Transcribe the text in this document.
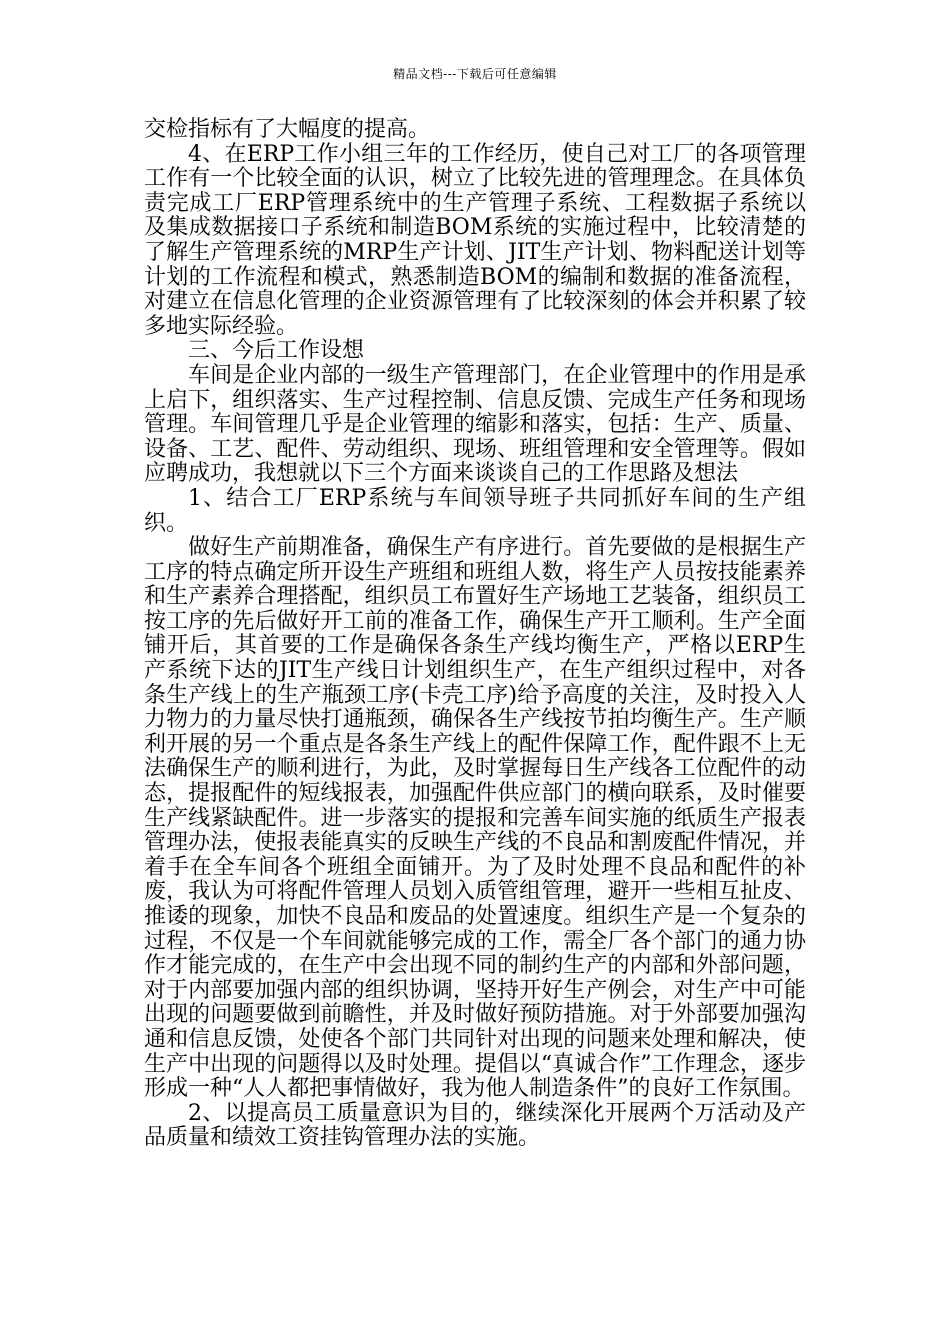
精品文档---下载后可任意编辑

交检指标有了大幅度的提高。

4、在ERP工作小组三年的工作经历，使自己对工厂的各项管理工作有一个比较全面的认识，树立了比较先进的管理理念。在具体负责完成工厂ERP管理系统中的生产管理子系统、工程数据子系统以及集成数据接口子系统和制造BOM系统的实施过程中，比较清楚的了解生产管理系统的MRP生产计划、JIT生产计划、物料配送计划等计划的工作流程和模式，熟悉制造BOM的编制和数据的准备流程，对建立在信息化管理的企业资源管理有了比较深刻的体会并积累了较多地实际经验。

三、今后工作设想

车间是企业内部的一级生产管理部门，在企业管理中的作用是承上启下，组织落实、生产过程控制、信息反馈、完成生产任务和现场管理。车间管理几乎是企业管理的缩影和落实，包括：生产、质量、设备、工艺、配件、劳动组织、现场、班组管理和安全管理等。假如应聘成功，我想就以下三个方面来谈谈自己的工作思路及想法

1、结合工厂ERP系统与车间领导班子共同抓好车间的生产组织。

做好生产前期准备，确保生产有序进行。首先要做的是根据生产工序的特点确定所开设生产班组和班组人数，将生产人员按技能素养和生产素养合理搭配，组织员工布置好生产场地工艺装备，组织员工按工序的先后做好开工前的准备工作，确保生产开工顺利。生产全面铺开后，其首要的工作是确保各条生产线均衡生产，严格以ERP生产系统下达的JIT生产线日计划组织生产，在生产组织过程中，对各条生产线上的生产瓶颈工序(卡壳工序)给予高度的关注，及时投入人力物力的力量尽快打通瓶颈，确保各生产线按节拍均衡生产。生产顺利开展的另一个重点是各条生产线上的配件保障工作，配件跟不上无法确保生产的顺利进行，为此，及时掌握每日生产线各工位配件的动态，提报配件的短线报表，加强配件供应部门的横向联系，及时催要生产线紧缺配件。进一步落实的提报和完善车间实施的纸质生产报表管理办法，使报表能真实的反映生产线的不良品和割废配件情况，并着手在全车间各个班组全面铺开。为了及时处理不良品和配件的补废，我认为可将配件管理人员划入质管组管理，避开一些相互扯皮、推诿的现象，加快不良品和废品的处置速度。组织生产是一个复杂的过程，不仅是一个车间就能够完成的工作，需全厂各个部门的通力协作才能完成的，在生产中会出现不同的制约生产的内部和外部问题，对于内部要加强内部的组织协调，坚持开好生产例会，对生产中可能出现的问题要做到前瞻性，并及时做好预防措施。对于外部要加强沟通和信息反馈，处使各个部门共同针对出现的问题来处理和解决，使生产中出现的问题得以及时处理。提倡以“真诚合作”工作理念，逐步形成一种“人人都把事情做好，我为他人制造条件”的良好工作氛围。

2、以提高员工质量意识为目的，继续深化开展两个万活动及产品质量和绩效工资挂钩管理办法的实施。
